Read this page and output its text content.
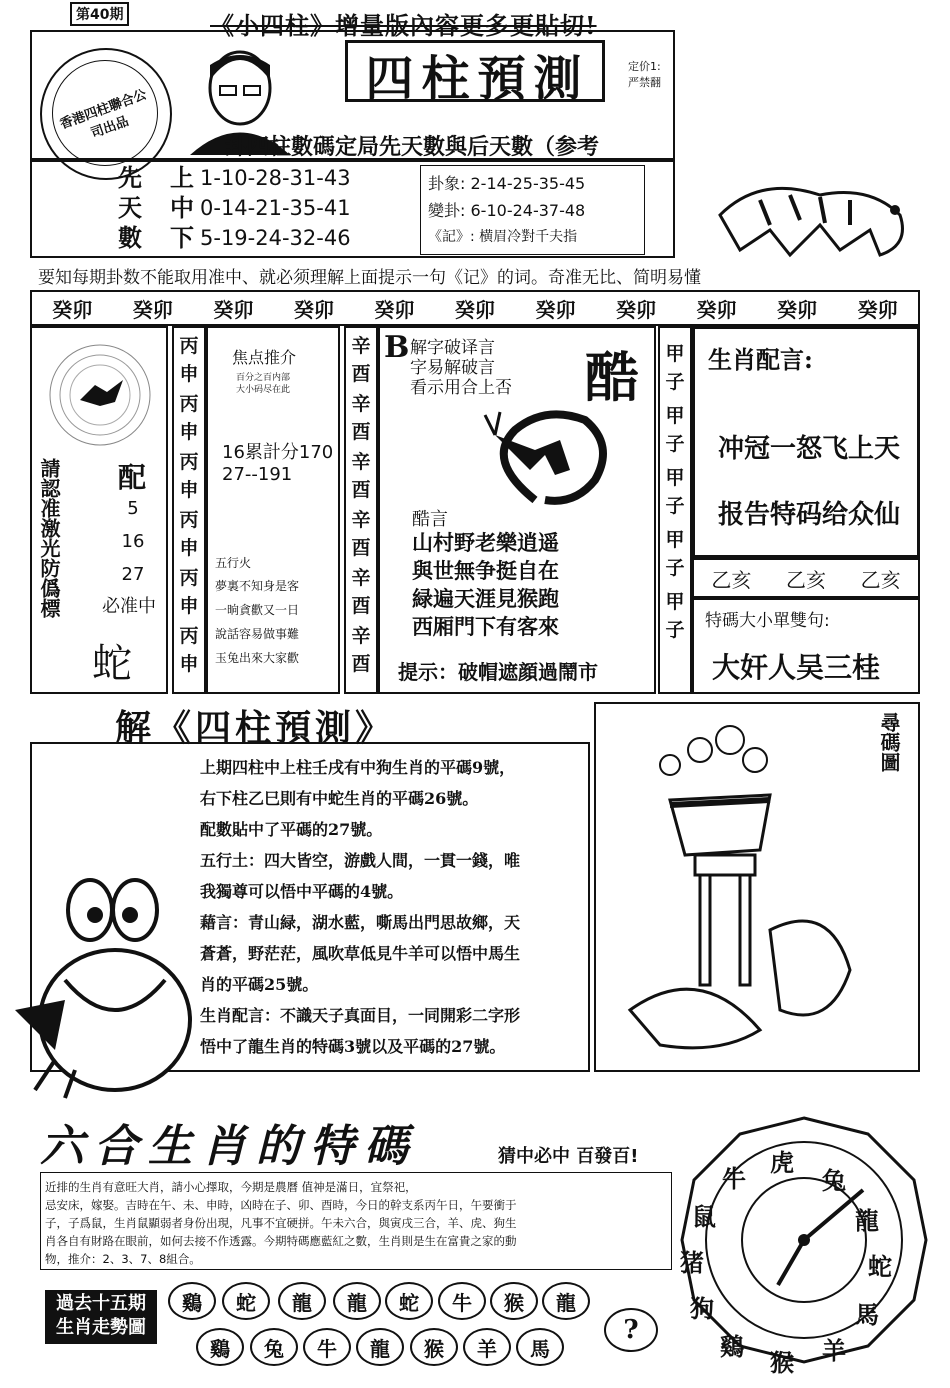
第40期	《小四柱》增量版內容更多更貼切!
香港四柱聯合公司出品
四柱預測	定价1:
严禁翻
卦四柱數碼定局先天數與后天數（参考
先
天
數
上 1-10-28-31-43
中 0-14-21-35-41
下 5-19-24-32-46
卦象: 2-14-25-35-45
變卦: 6-10-24-37-48
《記》: 横眉冷對千夫指
要知每期卦数不能取用准中、就必须理解上面提示一句《记》的词。奇准无比、简明易懂
癸卯 癸卯 癸卯 癸卯 癸卯 癸卯 癸卯 癸卯 癸卯 癸卯 癸卯
請認准激光防僞標 配
5
16
27
必准中
蛇
丙申
丙申
丙申
丙申
丙申
丙申
焦点推介
百分之百内部
大小码尽在此
16累計分170
27--191
五行火
夢裏不知身是客
一晌貪歡又一日
說話容易做事難
玉兔出來大家歡
辛酉
辛酉
辛酉
辛酉
辛酉
辛酉
B 解字破译言
字易解破言
看示用合上否 酷
酷言
山村野老樂逍遥
與世無争挺自在
緑遍天涯見猴跑
西厢門下有客來
提示：破帽遮顔過鬧市
甲子
甲子
甲子
甲子
甲子
生肖配言:
冲冠一怒飞上天
报告特码给众仙
乙亥 乙亥 乙亥
特碼大小單雙句:
大奸人吴三桂
解《四柱預測》
上期四柱中上柱壬戌有中狗生肖的平碼9號，
右下柱乙巳則有中蛇生肖的平碼26號。
配數貼中了平碼的27號。
五行土：四大皆空，游戲人間，一貫一錢，唯
我獨尊可以悟中平碼的4號。
藉言：青山緑，湖水藍，嘶馬出門思故鄉，天
蒼蒼，野茫茫，風吹草低見牛羊可以悟中馬生
肖的平碼25號。
生肖配言：不識天子真面目，一同開彩二字形
悟中了龍生肖的特碼3號以及平碼的27號。
尋碼圖
六合生肖的特碼	猜中必中 百發百!
近排的生肖有意旺大肖，請小心擇取，今期是農曆 值神是滿日，宜祭祀，
忌安床，嫁娶。吉時在午、未、申時，凶時在子、卯、酉時，今日的幹支系丙午日，午要衝于
子，子爲鼠，生肖鼠顯弱者身份出現，凡事不宜硬拼。午未六合，與寅戌三合，羊、虎、狗生
肖各自有財路在眼前，如何去接不作透露。今期特碼應藍紅之數，生肖則是生在富貴之家的動
物，推介：2、3、7、8組合。
過去十五期
生肖走勢圖
鷄	蛇	龍	龍	蛇	牛	猴	龍
鷄	兔	牛	龍	猴	羊	馬
?
虎
兔
龍
蛇
馬
羊
猴
鷄
狗
猪
鼠
牛
